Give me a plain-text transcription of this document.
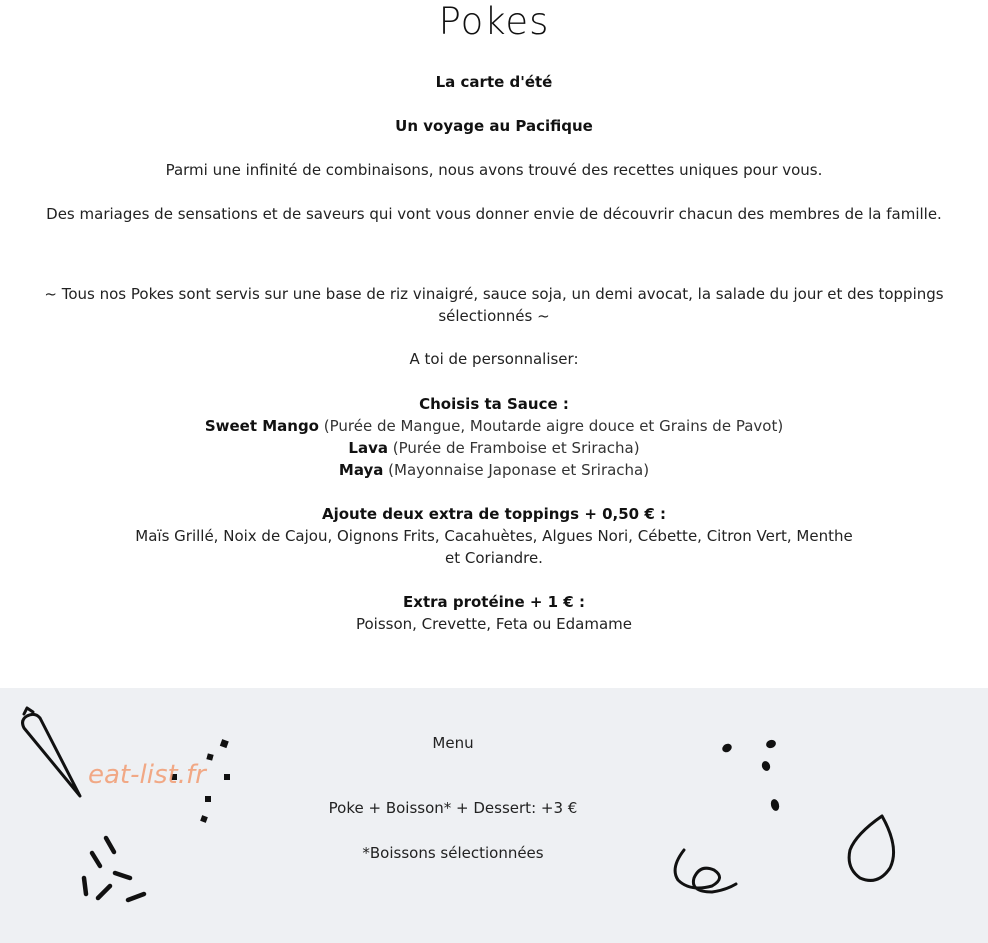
Pokes
La carte d'été
Un voyage au Pacifique
Parmi une infinité de combinaisons, nous avons trouvé des recettes uniques pour vous.
Des mariages de sensations et de saveurs qui vont vous donner envie de découvrir chacun des membres de la famille.
~ Tous nos Pokes sont servis sur une base de riz vinaigré, sauce soja, un demi avocat, la salade du jour et des toppings
sélectionnés ~
A toi de personnaliser:
Choisis ta Sauce :
Sweet Mango (Purée de Mangue, Moutarde aigre douce et Grains de Pavot)
Lava (Purée de Framboise et Sriracha)
Maya (Mayonnaise Japonase et Sriracha)
Ajoute deux extra de toppings + 0,50 € :
Maïs Grillé, Noix de Cajou, Oignons Frits, Cacahuètes, Algues Nori, Cébette, Citron Vert, Menthe
et Coriandre.
Extra protéine + 1 € :
Poisson, Crevette, Feta ou Edamame
eat-list.fr
Menu
Poke + Boisson* + Dessert: +3 €
*Boissons sélectionnées
